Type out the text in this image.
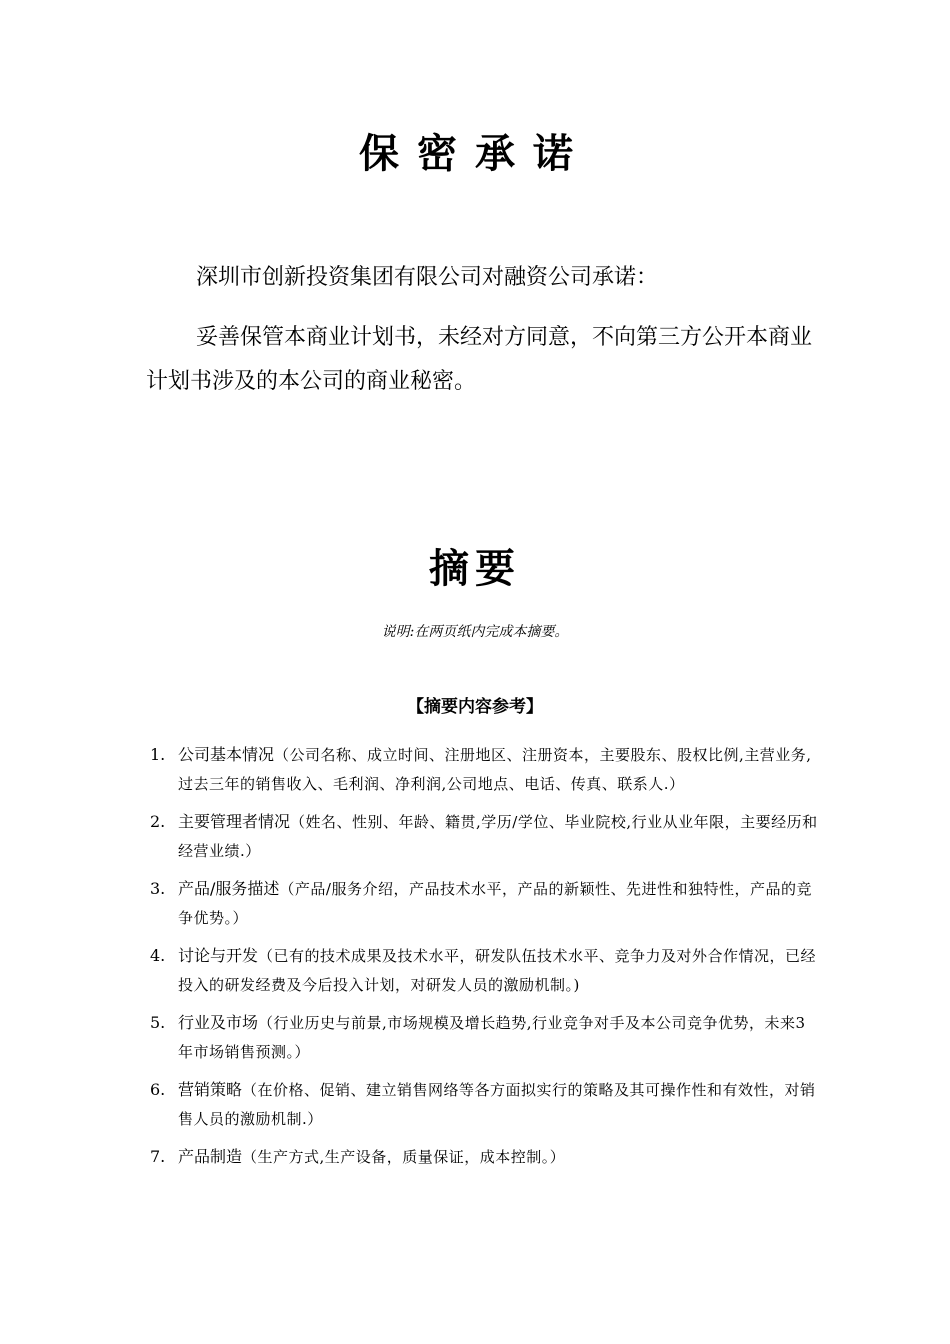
保密承诺
深圳市创新投资集团有限公司对融资公司承诺：
妥善保管本商业计划书，未经对方同意，不向第三方公开本商业计划书涉及的本公司的商业秘密。
摘要
说明:在两页纸内完成本摘要。
【摘要内容参考】
1. 公司基本情况（公司名称、成立时间、注册地区、注册资本，主要股东、股权比例,主营业务,过去三年的销售收入、毛利润、净利润,公司地点、电话、传真、联系人.）
2. 主要管理者情况（姓名、性别、年龄、籍贯,学历/学位、毕业院校,行业从业年限，主要经历和经营业绩.）
3. 产品/服务描述（产品/服务介绍，产品技术水平，产品的新颖性、先进性和独特性，产品的竞争优势。）
4. 讨论与开发（已有的技术成果及技术水平，研发队伍技术水平、竞争力及对外合作情况，已经投入的研发经费及今后投入计划，对研发人员的激励机制。)
5. 行业及市场（行业历史与前景,市场规模及增长趋势,行业竞争对手及本公司竞争优势，未来3年市场销售预测。）
6. 营销策略（在价格、促销、建立销售网络等各方面拟实行的策略及其可操作性和有效性，对销售人员的激励机制.）
7. 产品制造（生产方式,生产设备，质量保证，成本控制。）
